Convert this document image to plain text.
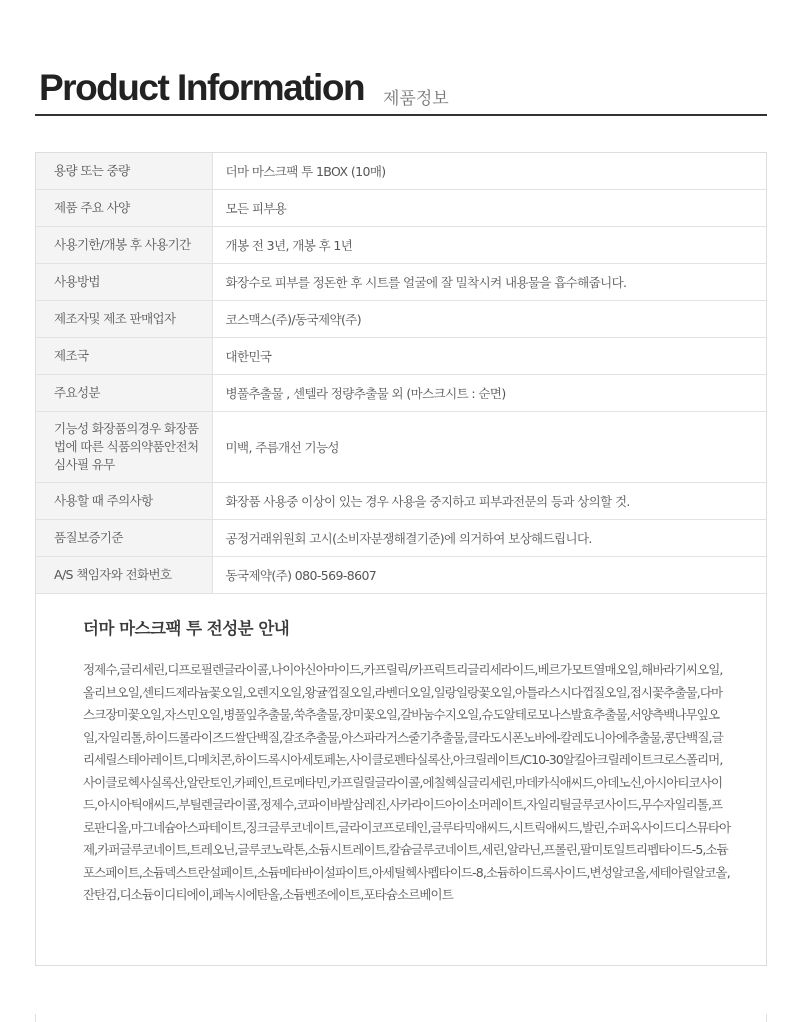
Product Information 제품정보
용량 또는 중량	더마 마스크팩 투 1BOX (10매)
제품 주요 사양	모든 피부용
사용기한/개봉 후 사용기간	개봉 전 3년, 개봉 후 1년
사용방법	화장수로 피부를 정돈한 후 시트를 얼굴에 잘 밀착시켜 내용물을 흡수해줍니다.
제조자및 제조 판매업자	코스맥스(주)/동국제약(주)
제조국	대한민국
주요성분	병풀추출물 , 센텔라 정량추출물 외 (마스크시트 : 순면)
기능성 화장품의경우 화장품법에 따른 식품의약품안전처 심사필 유무	미백, 주름개선 기능성
사용할 때 주의사항	화장품 사용중 이상이 있는 경우 사용을 중지하고 피부과전문의 등과 상의할 것.
품질보증기준	공정거래위원회 고시(소비자분쟁해결기준)에 의거하여 보상해드립니다.
A/S 책임자와 전화번호	동국제약(주) 080-569-8607
더마 마스크팩 투 전성분 안내

정제수,글리세린,디프로필렌글라이콜,나이아신아마이드,카프릴릭/카프릭트리글리세라이드,베르가모트열매오일,해바라기씨오일,올리브오일,센티드제라늄꽃오일,오렌지오일,왕귤껍질오일,라벤더오일,일랑일랑꽃오일,아틀라스시다껍질오일,접시꽃추출물,다마스크장미꽃오일,자스민오일,병풀잎추출물,쑥추출물,장미꽃오일,갈바눔수지오일,슈도알테로모나스발효추출물,서양측백나무잎오일,자일리톨,하이드롤라이즈드쌀단백질,갈조추출물,아스파라거스줄기추출물,클라도시폰노바에-칼레도니아에추출물,콩단백질,글리세릴스테아레이트,디메치콘,하이드록시아세토페논,사이클로펜타실록산,아크릴레이트/C10-30알킬아크릴레이트크로스폴리머,사이클로헥사실록산,알란토인,카페인,트로메타민,카프릴릴글라이콜,에칠헥실글리세린,마데카식애씨드,아데노신,아시아티코사이드,아시아틱애씨드,부틸렌글라이콜,정제수,코파이바발삼레진,사카라이드아이소머레이트,자일리틸글루코사이드,무수자일리톨,프로판디올,마그네슘아스파테이트,징크글루코네이트,글라이코프로테인,글루타믹애씨드,시트릭애씨드,발린,수퍼옥사이드디스뮤타아제,카퍼글루코네이트,트레오닌,글루코노락톤,소듐시트레이트,칼슘글루코네이트,세린,알라닌,프롤린,팔미토일트리펩타이드-5,소듐포스페이트,소듐덱스트란설페이트,소듐메타바이설파이트,아세틸헥사펩타이드-8,소듐하이드록사이드,변성알코올,세테아릴알코올,잔탄검,디소듐이디티에이,페녹시에탄올,소듐벤조에이트,포타슘소르베이트
